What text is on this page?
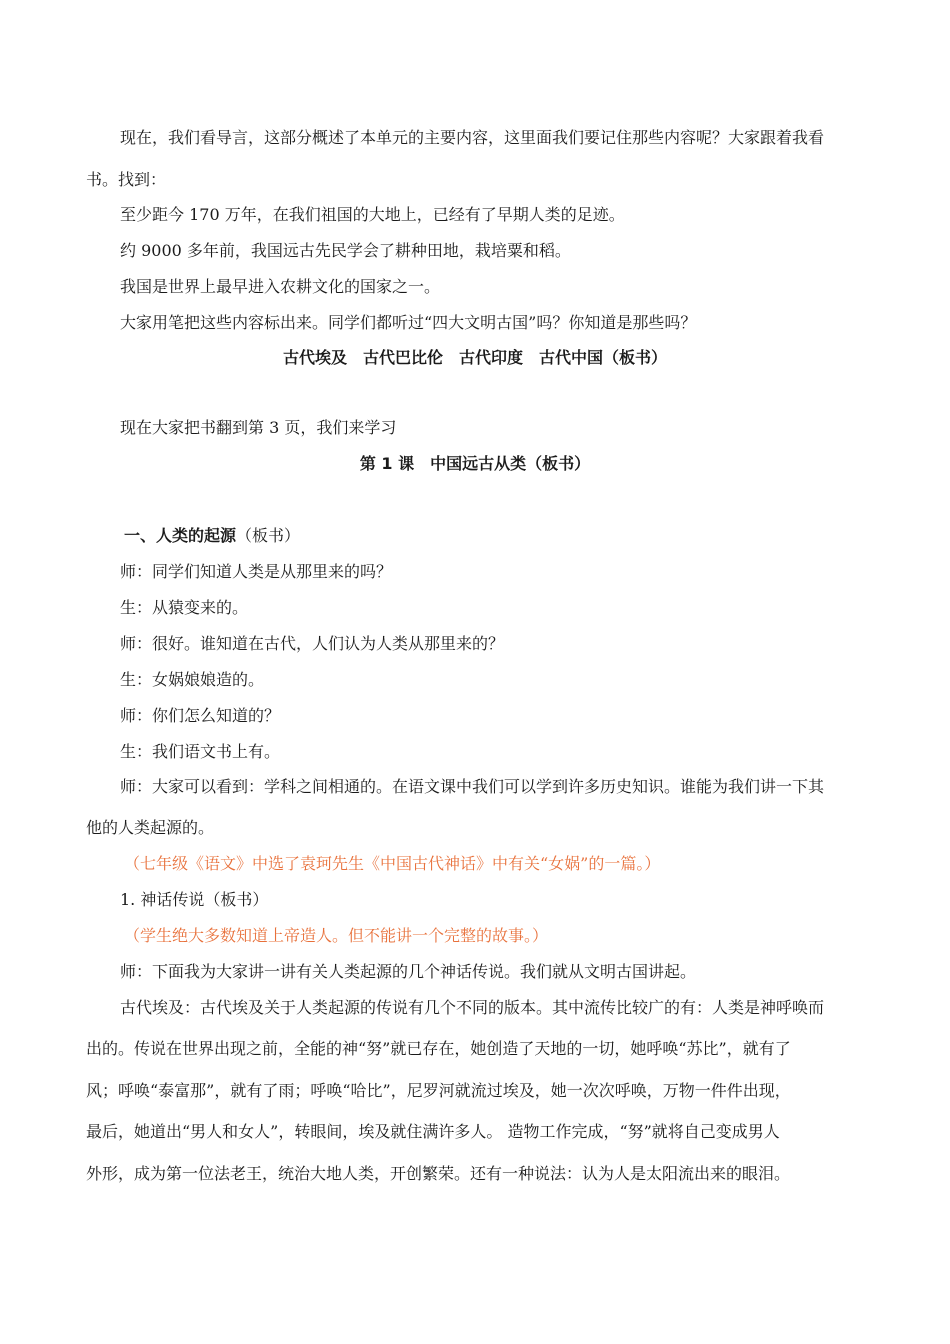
现在，我们看导言，这部分概述了本单元的主要内容，这里面我们要记住那些内容呢？大家跟着我看
书。找到：
至少距今 170 万年，在我们祖国的大地上，已经有了早期人类的足迹。
约 9000 多年前，我国远古先民学会了耕种田地，栽培粟和稻。
我国是世界上最早进入农耕文化的国家之一。
大家用笔把这些内容标出来。同学们都听过“四大文明古国”吗？你知道是那些吗？
古代埃及　古代巴比伦　古代印度　古代中国（板书）
现在大家把书翻到第 3 页，我们来学习
第 1 课　中国远古从类（板书）
一、人类的起源（板书）
师：同学们知道人类是从那里来的吗？
生：从猿变来的。
师：很好。谁知道在古代，人们认为人类从那里来的？
生：女娲娘娘造的。
师：你们怎么知道的？
生：我们语文书上有。
师：大家可以看到：学科之间相通的。在语文课中我们可以学到许多历史知识。谁能为我们讲一下其
他的人类起源的。
（七年级《语文》中选了袁珂先生《中国古代神话》中有关“女娲”的一篇。）
1. 神话传说（板书）
（学生绝大多数知道上帝造人。但不能讲一个完整的故事。）
师：下面我为大家讲一讲有关人类起源的几个神话传说。我们就从文明古国讲起。
古代埃及：古代埃及关于人类起源的传说有几个不同的版本。其中流传比较广的有：人类是神呼唤而
出的。传说在世界出现之前，全能的神“努”就已存在，她创造了天地的一切，她呼唤“苏比”，就有了
风；呼唤“泰富那”，就有了雨；呼唤“哈比”，尼罗河就流过埃及，她一次次呼唤，万物一件件出现，
最后，她道出“男人和女人”，转眼间，埃及就住满许多人。 造物工作完成，“努”就将自己变成男人
外形，成为第一位法老王，统治大地人类，开创繁荣。还有一种说法：认为人是太阳流出来的眼泪。
